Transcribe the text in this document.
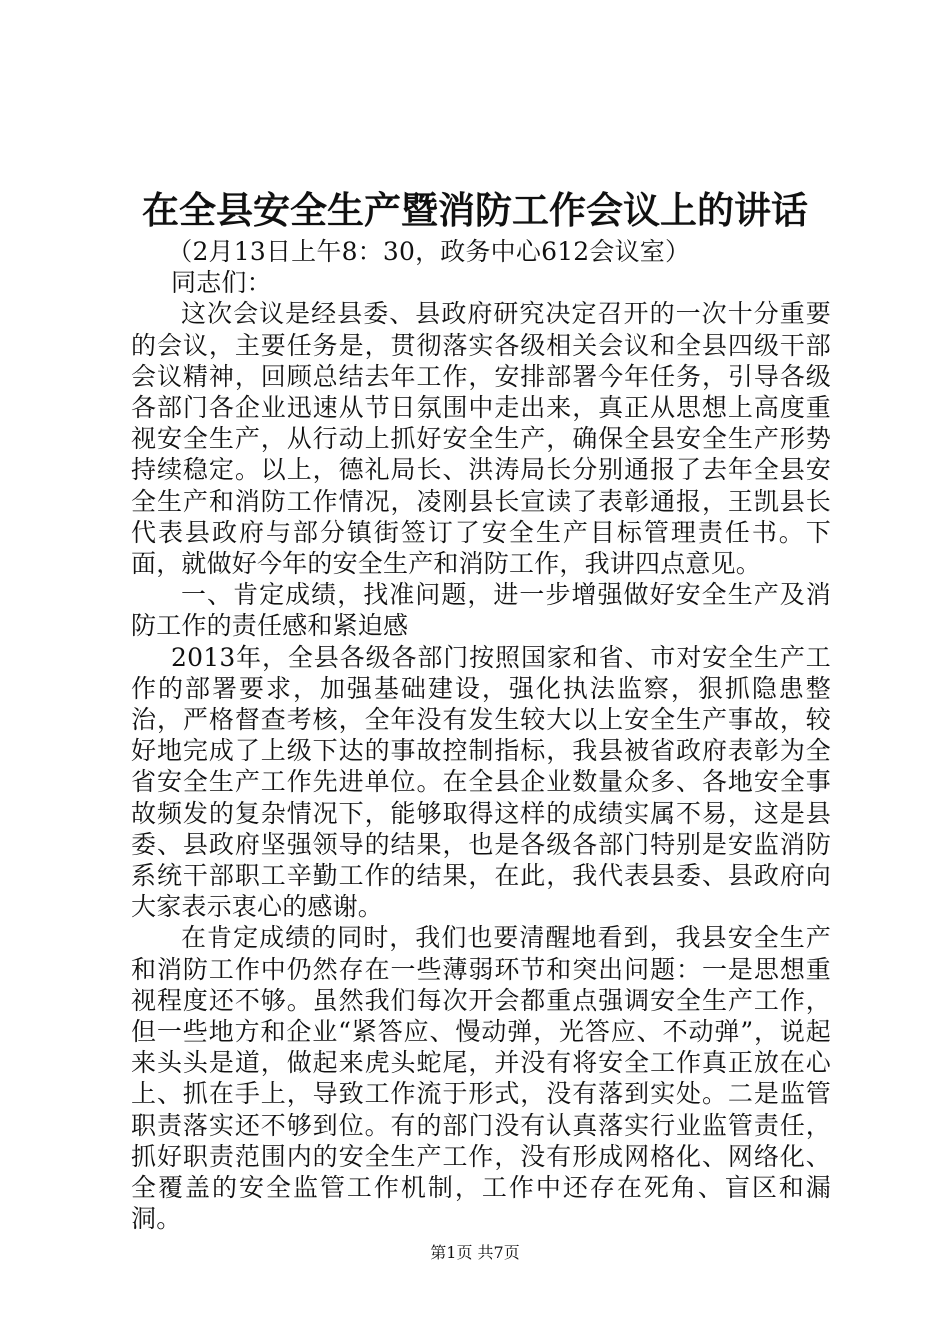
在全县安全生产暨消防工作会议上的讲话

（2月13日上午8：30，政务中心612会议室）

同志们：

这次会议是经县委、县政府研究决定召开的一次十分重要的会议，主要任务是，贯彻落实各级相关会议和全县四级干部会议精神，回顾总结去年工作，安排部署今年任务，引导各级各部门各企业迅速从节日氛围中走出来，真正从思想上高度重视安全生产，从行动上抓好安全生产，确保全县安全生产形势持续稳定。以上，德礼局长、洪涛局长分别通报了去年全县安全生产和消防工作情况，凌刚县长宣读了表彰通报，王凯县长代表县政府与部分镇街签订了安全生产目标管理责任书。下面，就做好今年的安全生产和消防工作，我讲四点意见。

一、肯定成绩，找准问题，进一步增强做好安全生产及消防工作的责任感和紧迫感

2013年，全县各级各部门按照国家和省、市对安全生产工作的部署要求，加强基础建设，强化执法监察，狠抓隐患整治，严格督查考核，全年没有发生较大以上安全生产事故，较好地完成了上级下达的事故控制指标，我县被省政府表彰为全省安全生产工作先进单位。在全县企业数量众多、各地安全事故频发的复杂情况下，能够取得这样的成绩实属不易，这是县委、县政府坚强领导的结果，也是各级各部门特别是安监消防系统干部职工辛勤工作的结果，在此，我代表县委、县政府向大家表示衷心的感谢。

在肯定成绩的同时，我们也要清醒地看到，我县安全生产和消防工作中仍然存在一些薄弱环节和突出问题：一是思想重视程度还不够。虽然我们每次开会都重点强调安全生产工作，但一些地方和企业“紧答应、慢动弹，光答应、不动弹”，说起来头头是道，做起来虎头蛇尾，并没有将安全工作真正放在心上、抓在手上，导致工作流于形式，没有落到实处。二是监管职责落实还不够到位。有的部门没有认真落实行业监管责任，抓好职责范围内的安全生产工作，没有形成网格化、网络化、全覆盖的安全监管工作机制，工作中还存在死角、盲区和漏洞。

第1页 共7页
